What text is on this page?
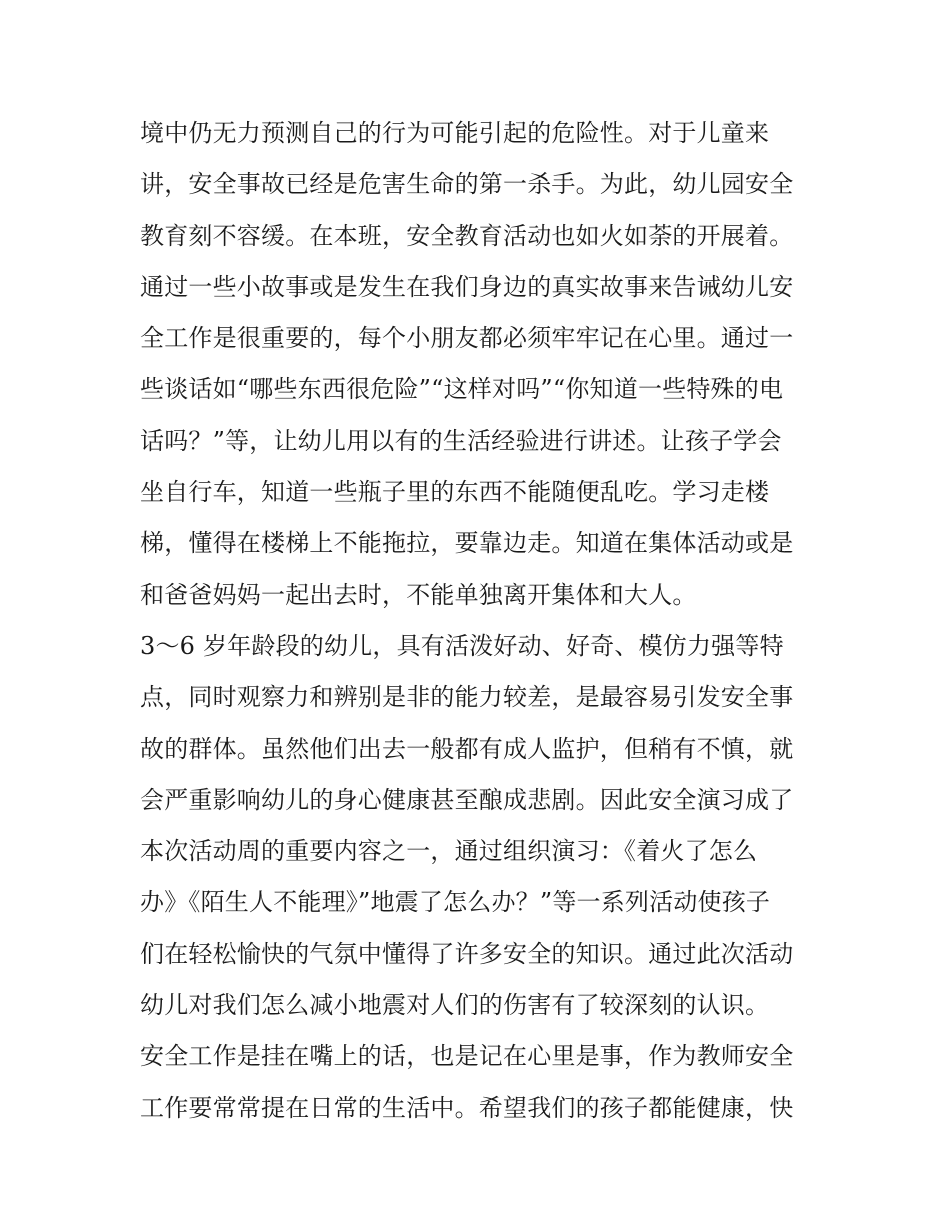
境中仍无力预测自己的行为可能引起的危险性。对于儿童来
讲，安全事故已经是危害生命的第一杀手。为此，幼儿园安全
教育刻不容缓。在本班，安全教育活动也如火如荼的开展着。
通过一些小故事或是发生在我们身边的真实故事来告诫幼儿安
全工作是很重要的，每个小朋友都必须牢牢记在心里。通过一
些谈话如“哪些东西很危险”“这样对吗”“你知道一些特殊的电
话吗？”等，让幼儿用以有的生活经验进行讲述。让孩子学会
坐自行车，知道一些瓶子里的东西不能随便乱吃。学习走楼
梯，懂得在楼梯上不能拖拉，要靠边走。知道在集体活动或是
和爸爸妈妈一起出去时，不能单独离开集体和大人。
3～6 岁年龄段的幼儿，具有活泼好动、好奇、模仿力强等特
点，同时观察力和辨别是非的能力较差，是最容易引发安全事
故的群体。虽然他们出去一般都有成人监护，但稍有不慎，就
会严重影响幼儿的身心健康甚至酿成悲剧。因此安全演习成了
本次活动周的重要内容之一，通过组织演习：《着火了怎么
办》《陌生人不能理》”地震了怎么办？”等一系列活动使孩子
们在轻松愉快的气氛中懂得了许多安全的知识。通过此次活动
幼儿对我们怎么减小地震对人们的伤害有了较深刻的认识。
安全工作是挂在嘴上的话，也是记在心里是事，作为教师安全
工作要常常提在日常的生活中。希望我们的孩子都能健康，快
